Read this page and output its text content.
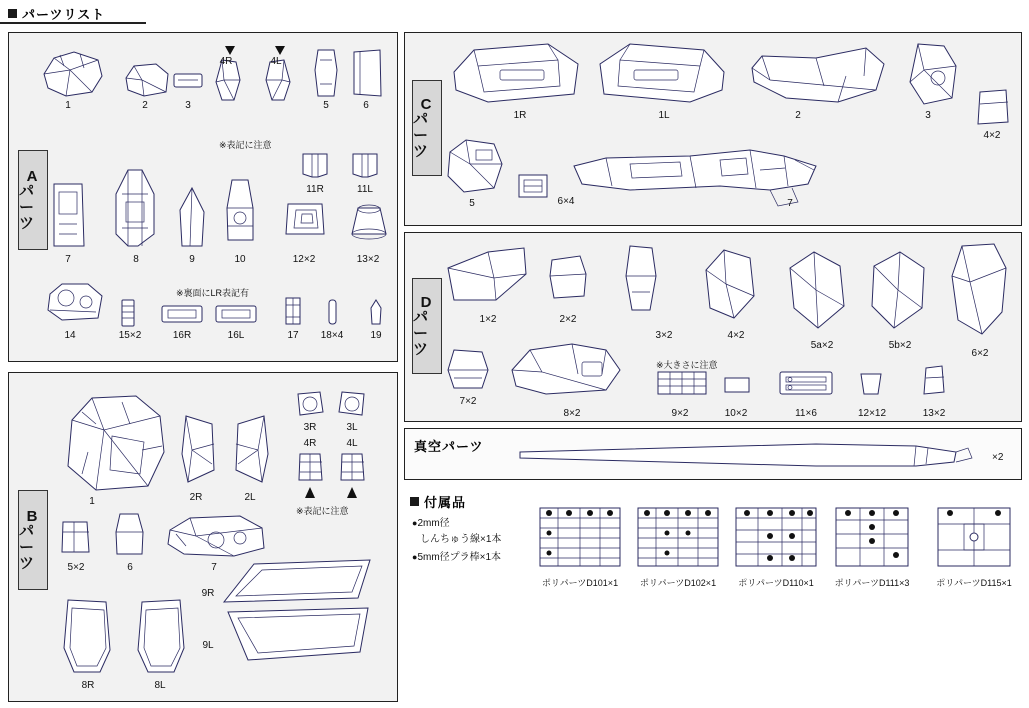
パーツリスト
A
パーツ
1	2	3
4R	4L
※表記に注意
5	6
11R	11L
7	8	9	10	12×2	13×2
※裏面にLR表記有
14	15×2	16R	16L	17 18×4	19
B
パーツ
1	2R	2L
3R	3L
4R	4L
※表記に注意
5×2	6	7
9R
9L
8R	8L
C
パーツ
1R	1L	2	3
4×2
5	6×4	7
D
パーツ
1×2	2×2
3×2	4×2
5a×2	5b×2
6×2
7×2
8×2
※大きさに注意
9×2	10×2	11×6	12×12	13×2
真空パーツ
×2
付属品
●2mm径
しんちゅう線×1本
●5mm径プラ棒×1本
ポリパーツD101×1 ポリパーツD102×1 ポリパーツD110×1 ポリパーツD111×3	ポリパーツD115×1
